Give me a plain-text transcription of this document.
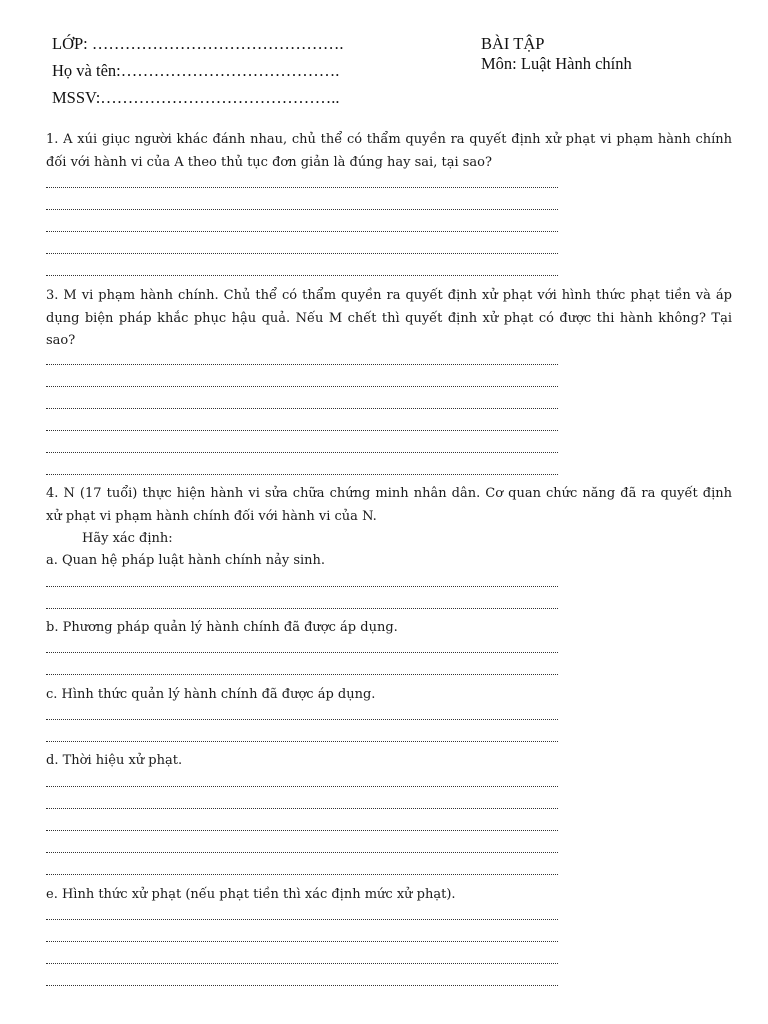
LỚP: ……………………………………….
Họ và tên:………………………………….
MSSV:……………………………………..
BÀI TẬP
Môn: Luật Hành chính
1. A xúi giục người khác đánh nhau, chủ thể có thẩm quyền ra quyết định xử phạt vi phạm hành chính đối với hành vi của A theo thủ tục đơn giản là đúng hay sai, tại sao?
3. M vi phạm hành chính. Chủ thể có thẩm quyền ra quyết định xử phạt với hình thức phạt tiền và áp dụng biện pháp khắc phục hậu quả. Nếu M chết thì quyết định xử phạt có được thi hành không? Tại sao?
4. N (17 tuổi) thực hiện hành vi sửa chữa chứng minh nhân dân. Cơ quan chức năng đã ra quyết định xử phạt vi phạm hành chính đối với hành vi của N.
Hãy xác định:
a. Quan hệ pháp luật hành chính nảy sinh.
b. Phương pháp quản lý hành chính đã được áp dụng.
c. Hình thức quản lý hành chính đã được áp dụng.
d. Thời hiệu xử phạt.
e. Hình thức xử phạt (nếu phạt tiền thì xác định mức xử phạt).
